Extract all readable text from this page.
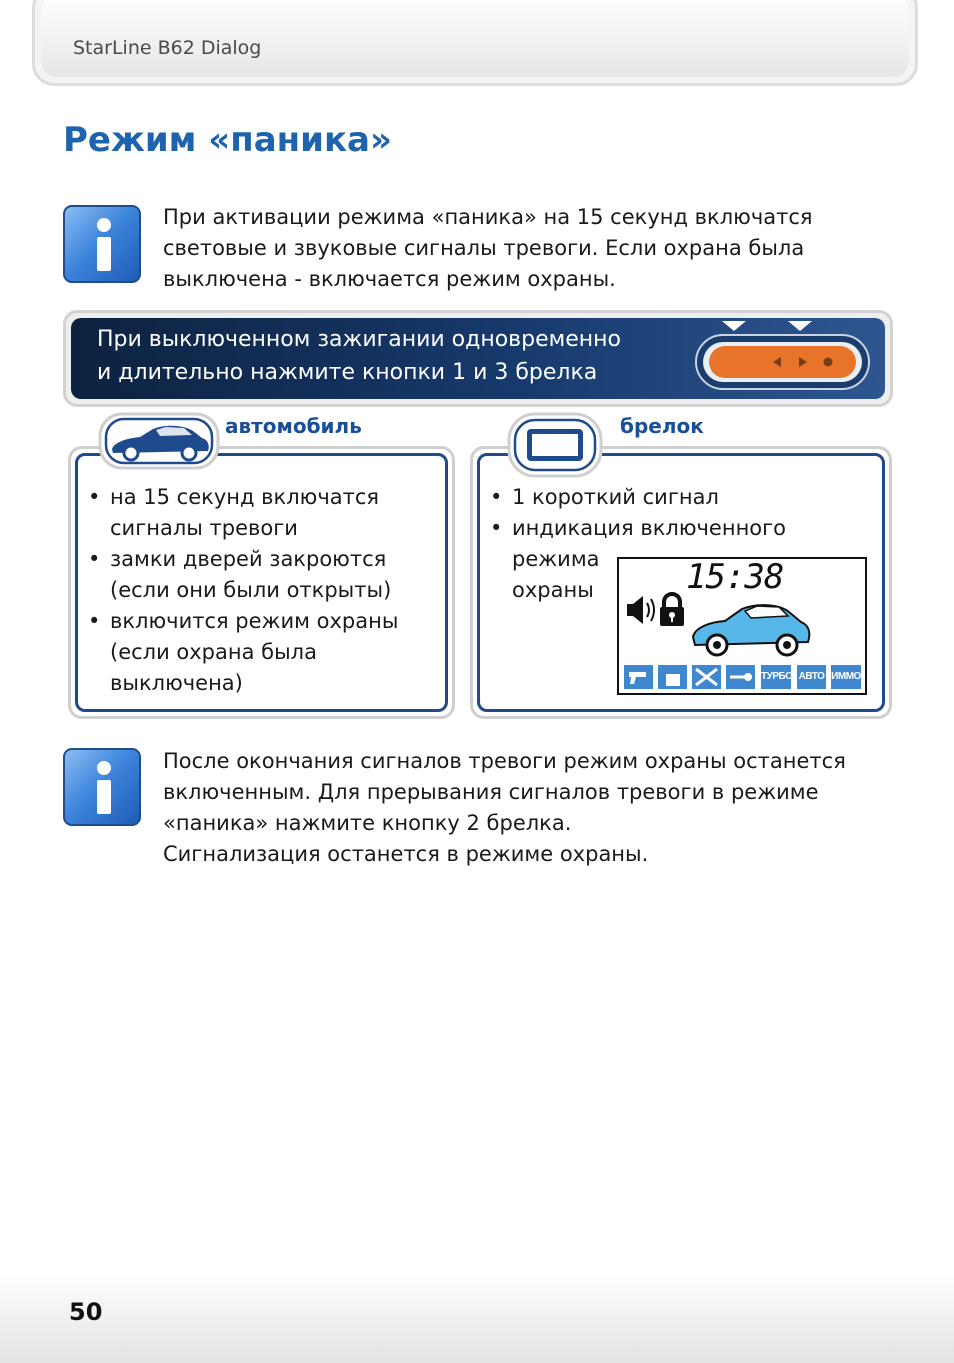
StarLine B62 Dialog
Режим «паника»

При активации режима «паника» на 15 секунд включатся

световые и звуковые сигналы тревоги. Если охрана была

выключена - включается режим охраны.

При выключенном зажигании одновременно

и длительно нажмите кнопки 1 и 3 брелка

автомобиль
• на 15 секунд включатся
сигналы тревоги
• замки дверей закроются
(если они были открыты)
• включится режим охраны
(если охрана была
выключена)
брелок
• 1 короткий сигнал
• индикация включенного
режима
охраны	15:38
ТУРБО АВТО ИММО

После окончания сигналов тревоги режим охраны останется

включенным. Для прерывания сигналов тревоги в режиме

«паника» нажмите кнопку 2 брелка.

Сигнализация останется в режиме охраны.

50
